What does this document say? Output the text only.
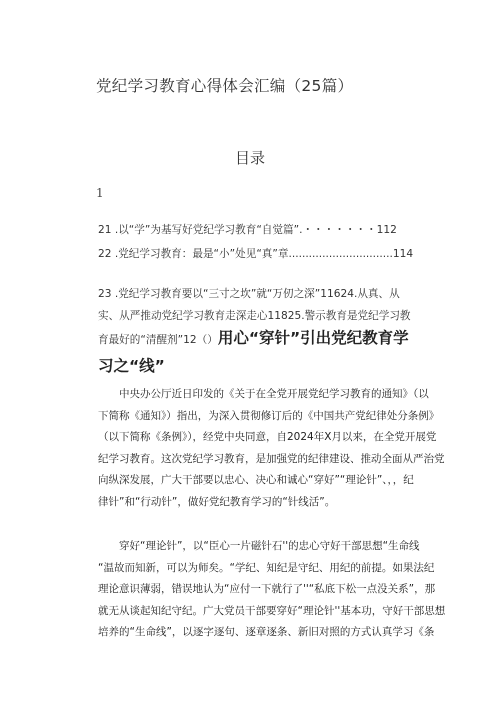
党纪学习教育心得体会汇编（25篇）
目录
1
21 .以“学”为基写好党纪学习教育“自觉篇”.・・・・・・・112
22 .党纪学习教育：最是“小”处见“真”章...............................114
23 .党纪学习教育要以“三寸之坎”就“万仞之深”11624.从真、从
实、从严推动党纪学习教育走深走心11825.警示教育是党纪学习教
育最好的“清醒剂”12（）用心“穿针”引出党纪教育学
习之“线”
　　中央办公厅近日印发的《关于在全党开展党纪学习教育的通知》（以
下简称《通知》）指出，为深入贯彻修订后的《中国共产党纪律处分条例》
（以下简称《条例》），经党中央同意，自2024年X月以来，在全党开展党
纪学习教育。这次党纪学习教育，是加强党的纪律建设、推动全面从严治党
向纵深发展，广大干部要以忠心、决心和诚心“穿好”“理论针”、，，纪
律针”和“行动针”，做好党纪教育学习的“针线活”。
　　穿好“理论针”，以“臣心一片磁针石''的忠心守好干部思想“生命线
“温故而知新，可以为师矣。“学纪、知纪是守纪、用纪的前提。如果法纪
理论意识薄弱，错误地认为“应付一下就行了''“私底下松一点没关系”，那
就无从谈起知纪守纪。广大党员干部要穿好“理论针''基本功，守好干部思想
培养的“生命线”，以逐字逐句、逐章逐条、新旧对照的方式认真学习《条
